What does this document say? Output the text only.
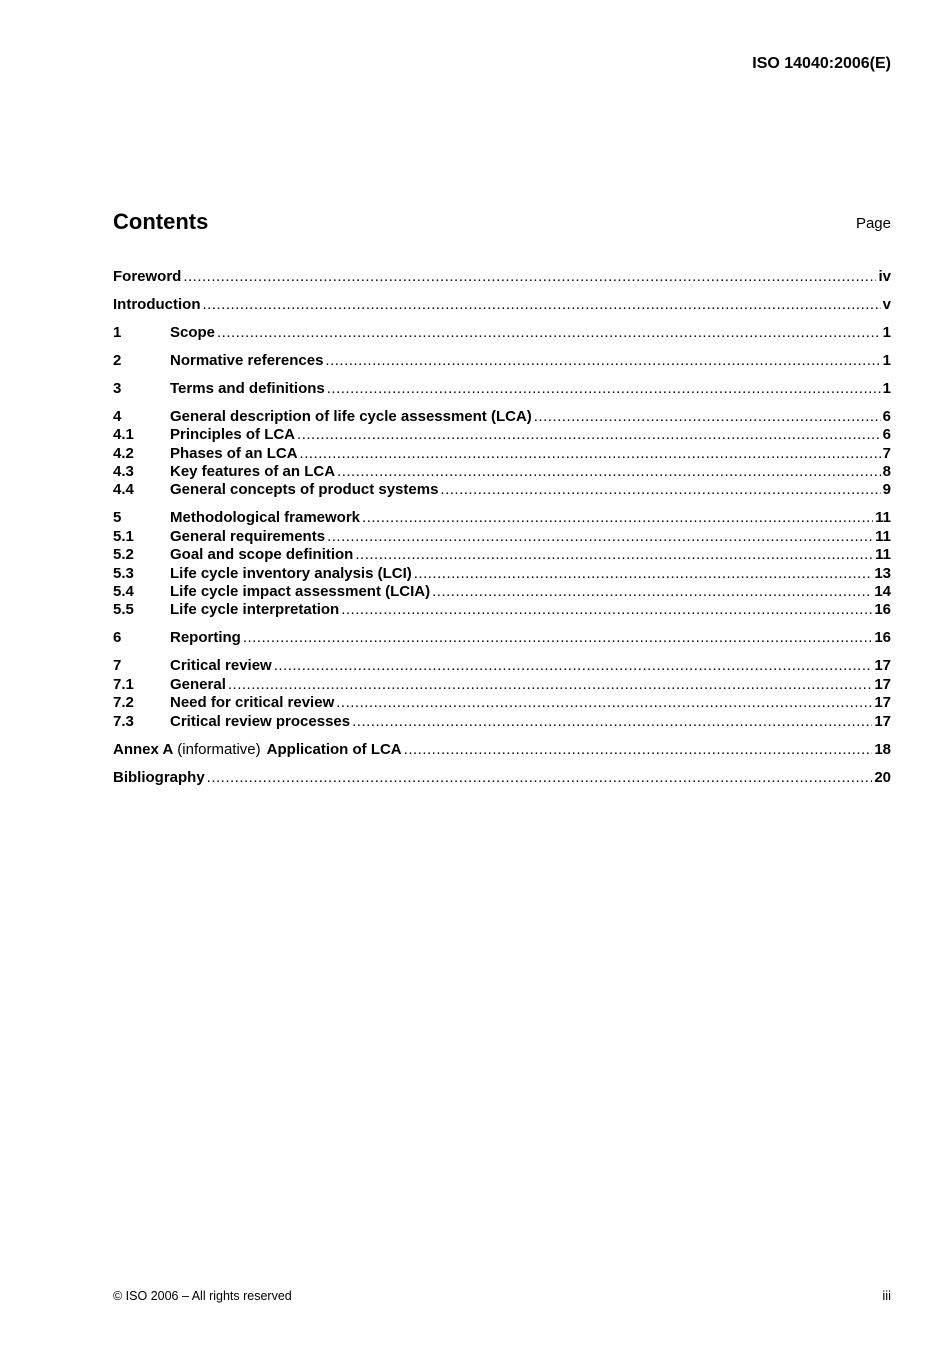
ISO 14040:2006(E)
Contents	Page
Foreword .....	iv
Introduction .....	v
1	Scope .....	1
2	Normative references .....	1
3	Terms and definitions .....	1
4	General description of life cycle assessment (LCA) .....	6
4.1	Principles of LCA .....	6
4.2	Phases of an LCA .....	7
4.3	Key features of an LCA .....	8
4.4	General concepts of product systems .....	9
5	Methodological framework .....	11
5.1	General requirements .....	11
5.2	Goal and scope definition .....	11
5.3	Life cycle inventory analysis (LCI) .....	13
5.4	Life cycle impact assessment (LCIA) .....	14
5.5	Life cycle interpretation .....	16
6	Reporting .....	16
7	Critical review .....	17
7.1	General .....	17
7.2	Need for critical review .....	17
7.3	Critical review processes .....	17
Annex A (informative) Application of LCA .....	18
Bibliography .....	20
© ISO 2006 – All rights reserved	iii
